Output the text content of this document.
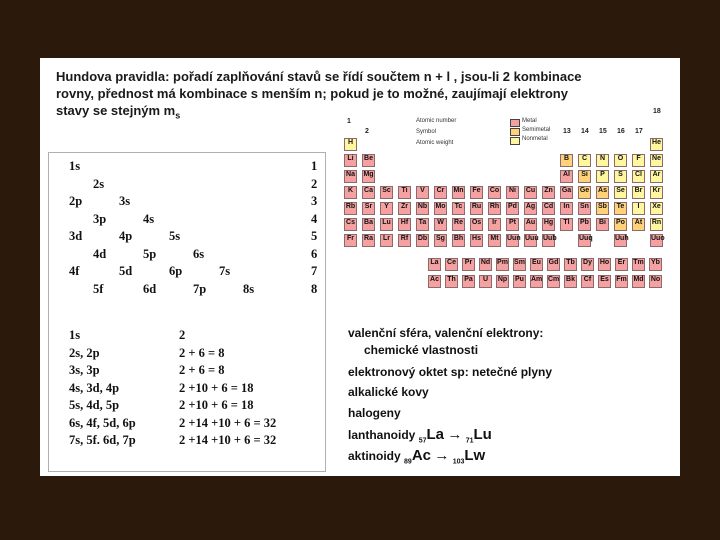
Hundova pravidla: pořadí zaplňování stavů se řídí součtem n + l , jsou-li 2 kombinace
rovny, přednost má kombinace s menším n; pokud je to možné, zaujímají elektrony
stavy se stejným $m_s$
1s	1
2s	2
2p	3s	3
3p	4s	4
3d	4p	5s	5
4d	5p	6s	6
4f	5d	6p	7s	7
5f	6d	7p	8s	8
1s	2
2s, 2p	2 + 6 = 8
3s, 3p	2 + 6 = 8
4s, 3d, 4p	2 +10 + 6 = 18
5s, 4d, 5p	2 +10 + 6 = 18
6s, 4f, 5d, 6p	2 +14 +10 + 6 = 32
7s, 5f. 6d, 7p	2 +14 +10 + 6 = 32
1
2	13 14 15 16 17
18
Atomic number
Symbol
Atomic weight
Metal
Semimetal
Nonmetal
H	He
Li	Be	B	C	N	O	F	Ne
Na Mg	Al	Si	P	S	Cl Ar
K	Ca Sc	Ti	V	Cr Mn Fe Co Ni Cu Zn Ga Ge As Se Br Kr
Rb Sr	Y	Zr Nb Mo Tc Ru Rh Pd Ag Cd	In	Sn Sb Te	I	Xe
Cs Ba Lu Hf Ta	W	Re Os	Ir	Pt Au Hg	Tl	Pb Bi Po At Rn
Fr Ra Lr Rf Db Sg Bh Hs Mt Uun Uuu Uub	Uuq	Uuh	Uuo
La Ce Pr Nd Pm Sm Eu Gd Tb Dy Ho Er Tm Yb
Ac Th Pa	U	Np Pu Am Cm Bk Cf Es Fm Md No
valenční sféra, valenční elektrony:
chemické vlastnosti
elektronový oktet sp: netečné plyny
alkalické kovy
halogeny
lanthanoidy $_{57}$La → $_{71}$Lu
aktinoidy $_{89}$Ac → $_{103}$Lw
